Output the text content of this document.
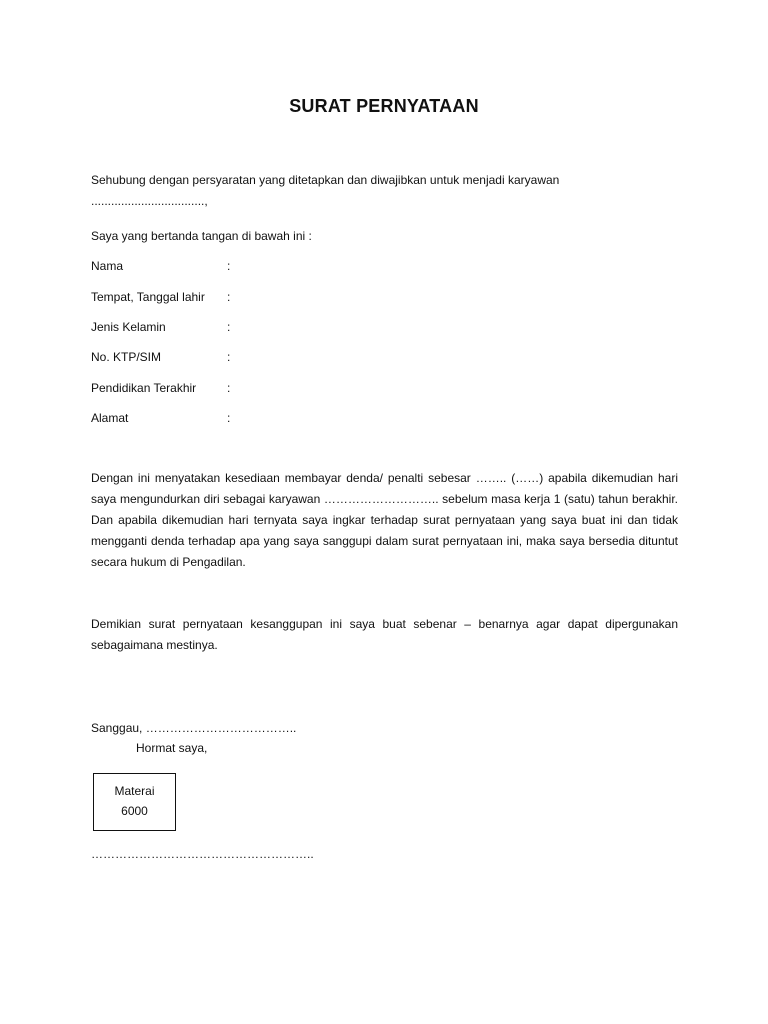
SURAT PERNYATAAN

Sehubung dengan persyaratan yang ditetapkan dan diwajibkan untuk menjadi karyawan
..................................,

Saya yang bertanda tangan di bawah ini :

Nama	:
Tempat, Tanggal lahir	:
Jenis Kelamin	:
No. KTP/SIM	:
Pendidikan Terakhir	:
Alamat	:

Dengan ini menyatakan kesediaan membayar denda/ penalti sebesar …….. (……) apabila dikemudian hari saya mengundurkan diri sebagai karyawan ……………………….. sebelum masa kerja 1 (satu) tahun berakhir. Dan apabila dikemudian hari ternyata saya ingkar terhadap surat pernyataan yang saya buat ini dan tidak mengganti denda terhadap apa yang saya sanggupi dalam surat pernyataan ini, maka saya bersedia dituntut secara hukum di Pengadilan.

Demikian surat pernyataan kesanggupan ini saya buat sebenar – benarnya agar dapat dipergunakan sebagaimana mestinya.

Sanggau, ………………………………..
Hormat saya,
Materai
6000
………………………………………………..
